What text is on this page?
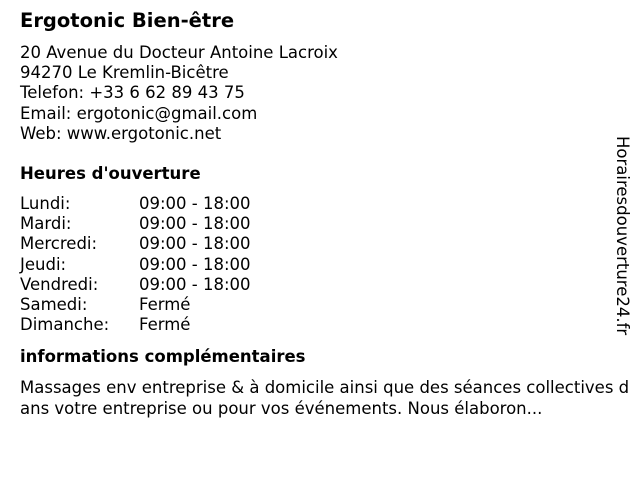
Ergotonic Bien-être
20 Avenue du Docteur Antoine Lacroix
94270 Le Kremlin-Bicêtre
Telefon: +33 6 62 89 43 75
Email: ergotonic@gmail.com
Web: www.ergotonic.net
Heures d'ouverture
Lundi:	09:00 - 18:00
Mardi:	09:00 - 18:00
Mercredi:	09:00 - 18:00
Jeudi:	09:00 - 18:00
Vendredi:	09:00 - 18:00
Samedi:	Fermé
Dimanche:	Fermé
informations complémentaires
Massages env entreprise & à domicile ainsi que des séances collectives dans votre entreprise ou pour vos événements. Nous élaboron...
Horairesdouverture24.fr
